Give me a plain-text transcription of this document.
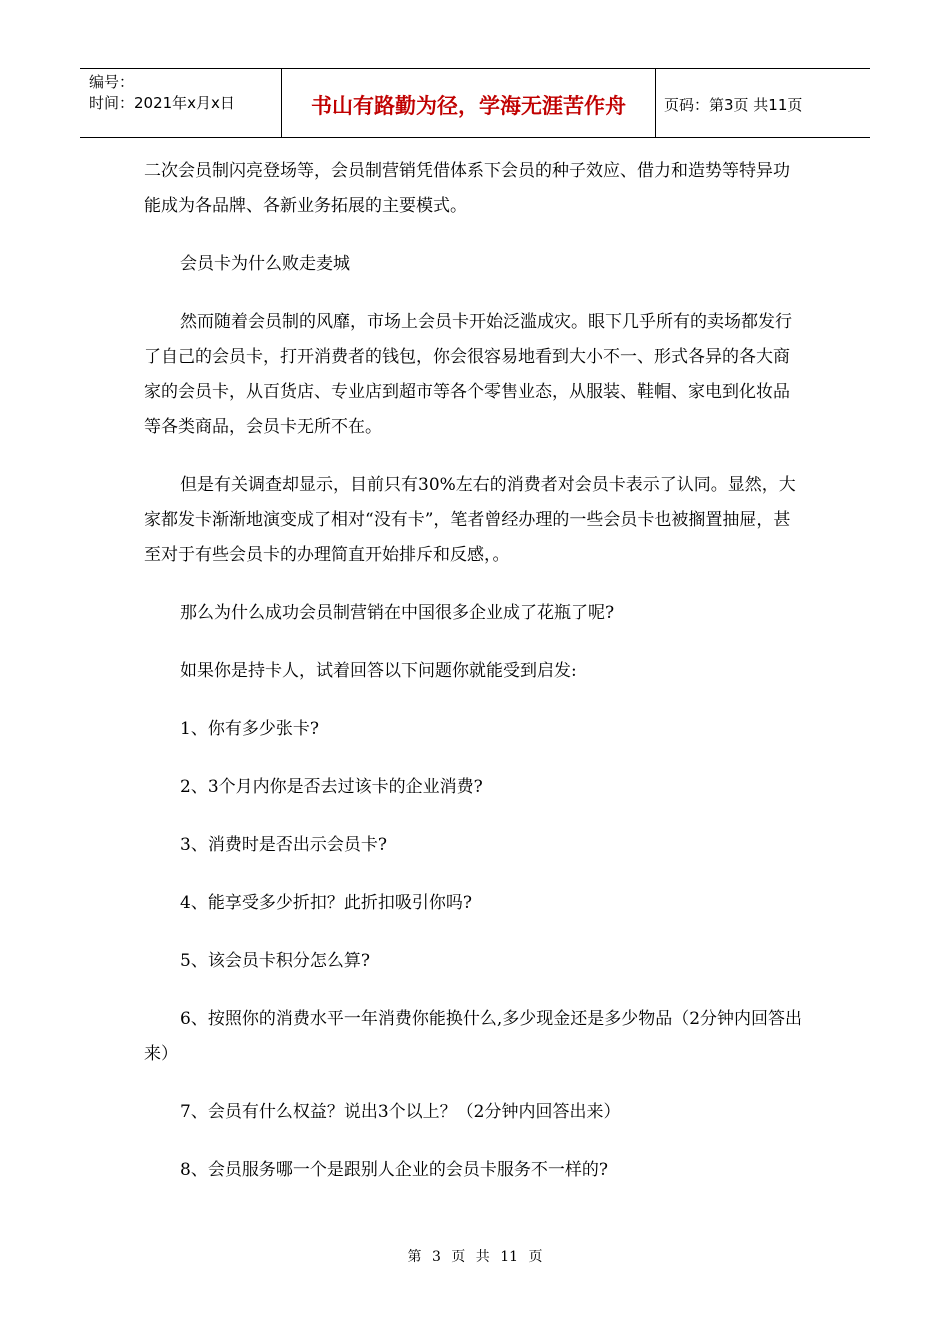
编号：
时间：2021年x月x日	书山有路勤为径，学海无涯苦作舟	页码：第3页 共11页

二次会员制闪亮登场等，会员制营销凭借体系下会员的种子效应、借力和造势等特异功能成为各品牌、各新业务拓展的主要模式。

会员卡为什么败走麦城

然而随着会员制的风靡，市场上会员卡开始泛滥成灾。眼下几乎所有的卖场都发行了自己的会员卡，打开消费者的钱包，你会很容易地看到大小不一、形式各异的各大商家的会员卡，从百货店、专业店到超市等各个零售业态，从服装、鞋帽、家电到化妆品等各类商品，会员卡无所不在。

但是有关调查却显示，目前只有30%左右的消费者对会员卡表示了认同。显然，大家都发卡渐渐地演变成了相对“没有卡”，笔者曾经办理的一些会员卡也被搁置抽屉，甚至对于有些会员卡的办理简直开始排斥和反感，。

那么为什么成功会员制营销在中国很多企业成了花瓶了呢?

如果你是持卡人，试着回答以下问题你就能受到启发:

1、你有多少张卡?

2、3个月内你是否去过该卡的企业消费?

3、消费时是否出示会员卡?

4、能享受多少折扣？此折扣吸引你吗?

5、该会员卡积分怎么算?

6、按照你的消费水平一年消费你能换什么,多少现金还是多少物品（2分钟内回答出来）

7、会员有什么权益？说出3个以上？（2分钟内回答出来）

8、会员服务哪一个是跟别人企业的会员卡服务不一样的?

第 3 页 共 11 页
